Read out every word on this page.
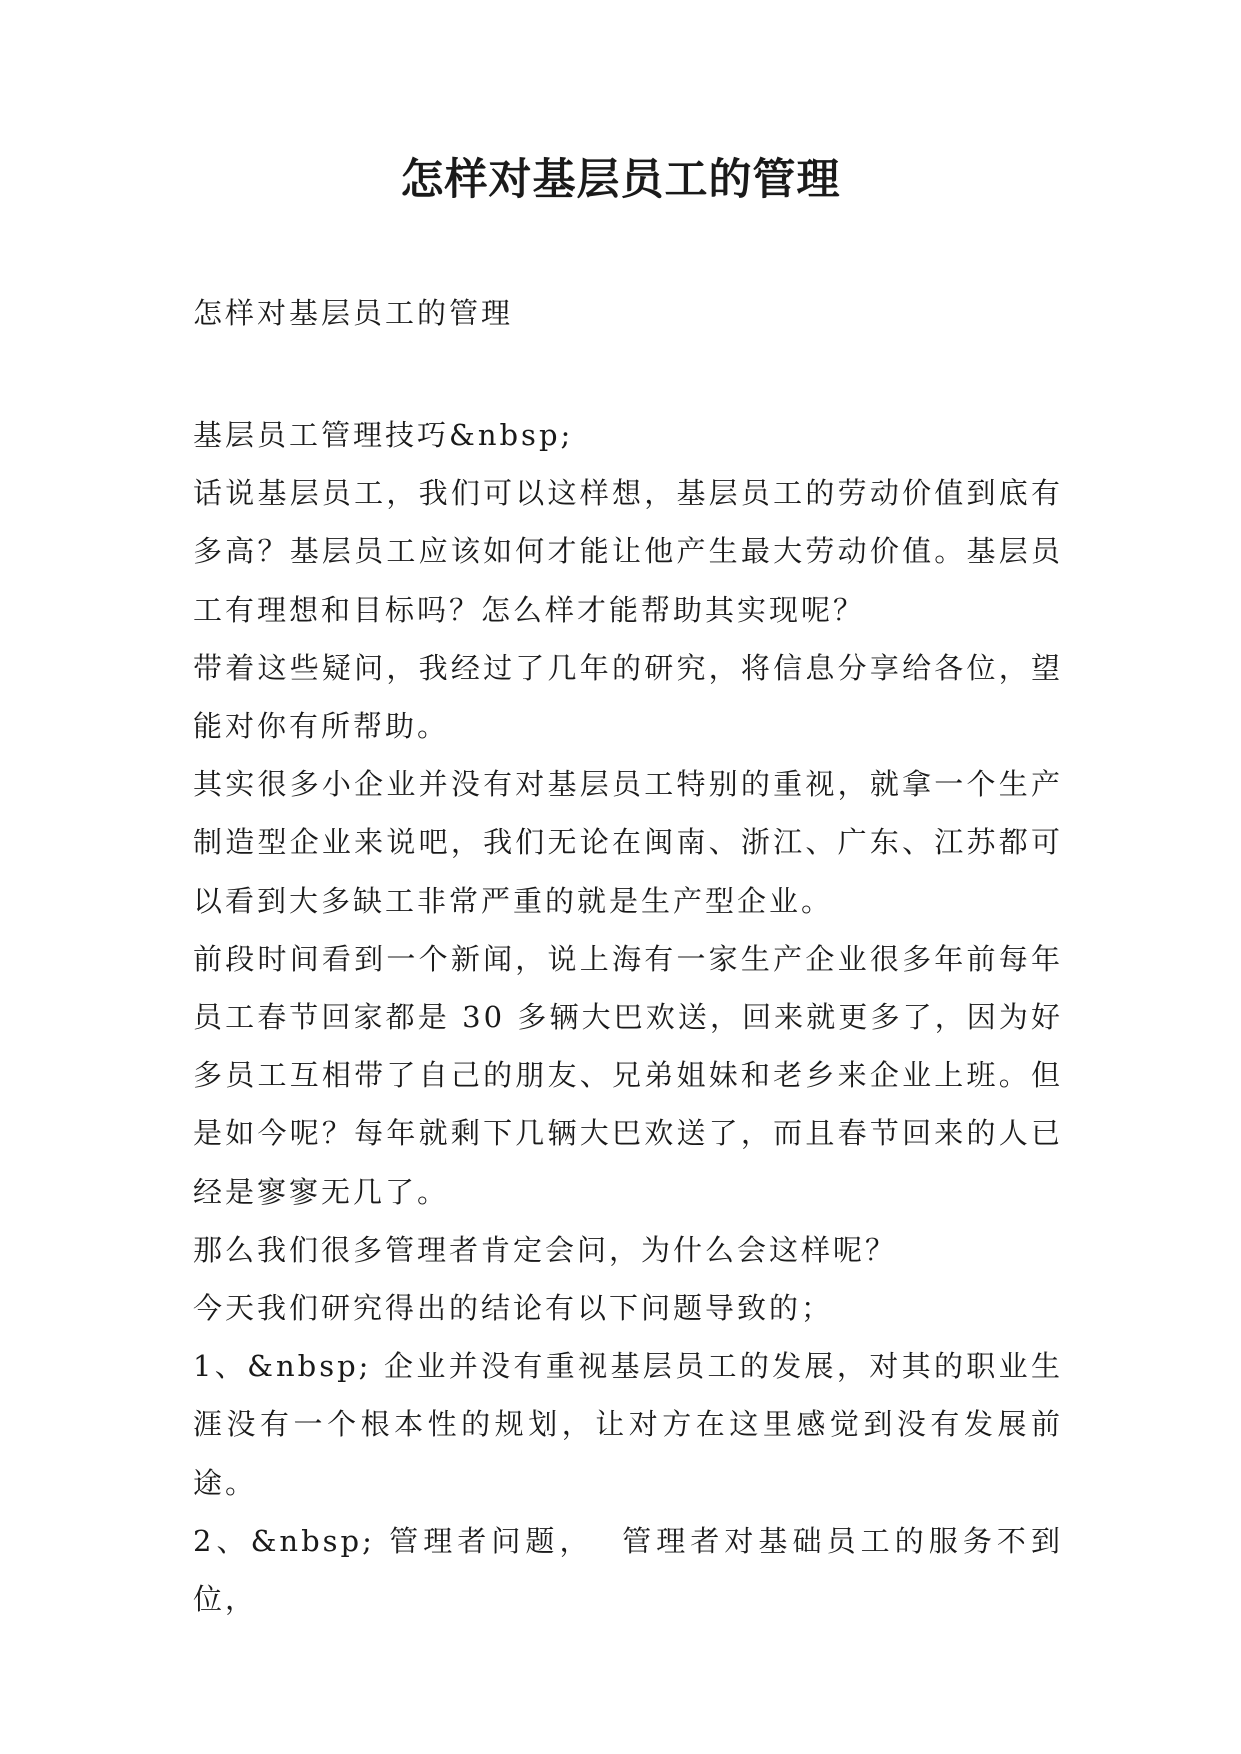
怎样对基层员工的管理

怎样对基层员工的管理

基层员工管理技巧&nbsp;

话说基层员工，我们可以这样想，基层员工的劳动价值到底有多高？基层员工应该如何才能让他产生最大劳动价值。基层员工有理想和目标吗？怎么样才能帮助其实现呢？

带着这些疑问，我经过了几年的研究，将信息分享给各位，望能对你有所帮助。

其实很多小企业并没有对基层员工特别的重视，就拿一个生产制造型企业来说吧，我们无论在闽南、浙江、广东、江苏都可以看到大多缺工非常严重的就是生产型企业。

前段时间看到一个新闻，说上海有一家生产企业很多年前每年员工春节回家都是 30 多辆大巴欢送，回来就更多了，因为好多员工互相带了自己的朋友、兄弟姐妹和老乡来企业上班。但是如今呢？每年就剩下几辆大巴欢送了，而且春节回来的人已经是寥寥无几了。

那么我们很多管理者肯定会问，为什么会这样呢？

今天我们研究得出的结论有以下问题导致的；

1、&nbsp; 企业并没有重视基层员工的发展，对其的职业生涯没有一个根本性的规划，让对方在这里感觉到没有发展前途。

2、&nbsp; 管理者问题，  管理者对基础员工的服务不到位，
